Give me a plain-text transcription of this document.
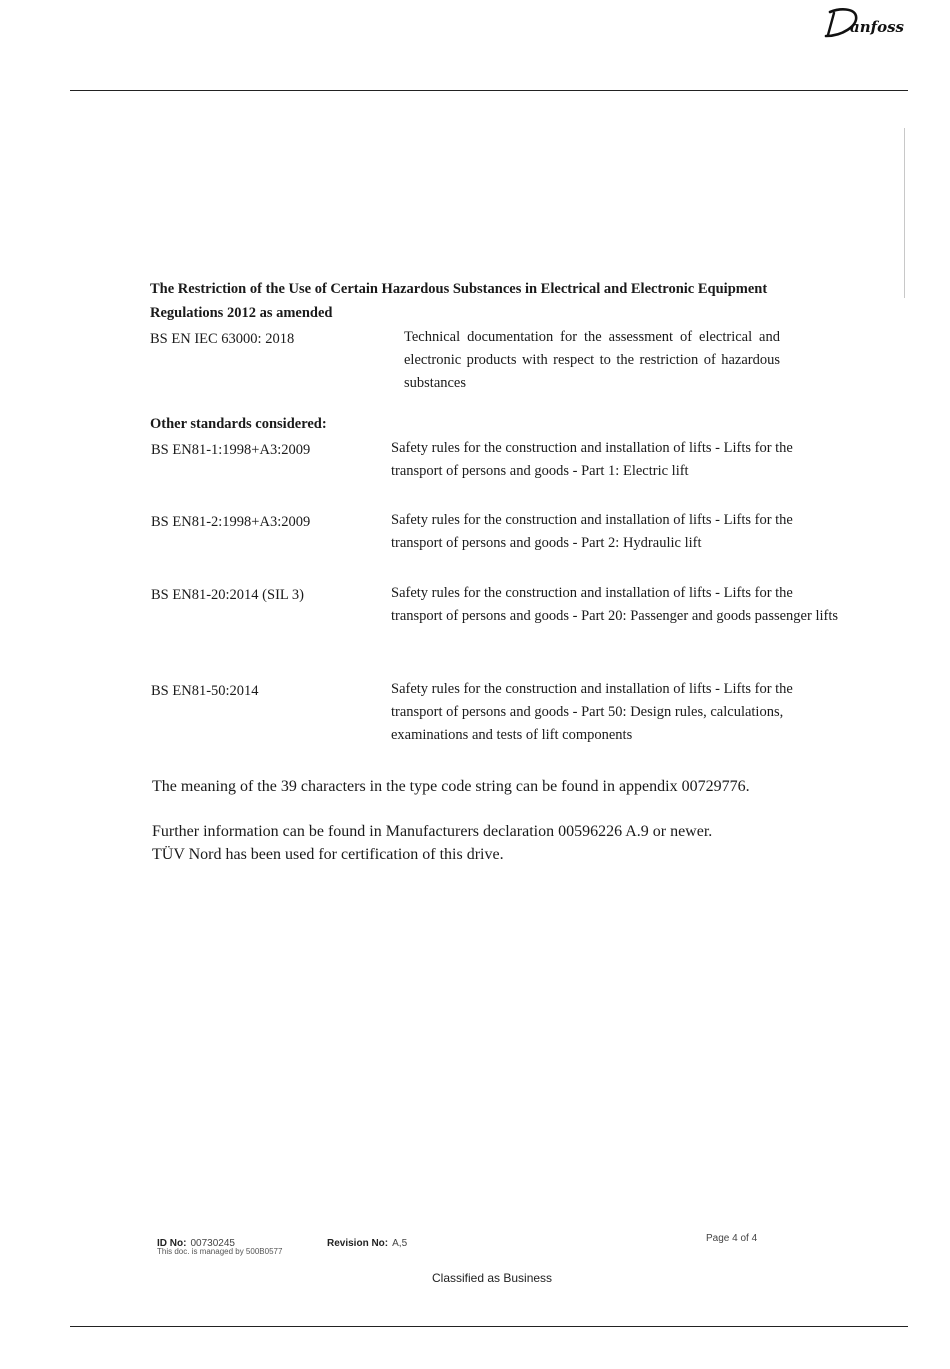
anfoss
The Restriction of the Use of Certain Hazardous Substances in Electrical and Electronic Equipment
Regulations 2012 as amended
BS EN IEC 63000: 2018	Technical documentation for the assessment of electrical and electronic products with respect to the restriction of hazardous substances
Other standards considered:
BS EN81-1:1998+A3:2009	Safety rules for the construction and installation of lifts - Lifts for the transport of persons and goods - Part 1: Electric lift
BS EN81-2:1998+A3:2009	Safety rules for the construction and installation of lifts - Lifts for the transport of persons and goods - Part 2: Hydraulic lift
BS EN81-20:2014 (SIL 3)	Safety rules for the construction and installation of lifts - Lifts for the transport of persons and goods - Part 20: Passenger and goods passenger lifts
BS EN81-50:2014	Safety rules for the construction and installation of lifts - Lifts for the transport of persons and goods - Part 50: Design rules, calculations, examinations and tests of lift components
The meaning of the 39 characters in the type code string can be found in appendix 00729776.
Further information can be found in Manufacturers declaration 00596226 A.9 or newer.
TÜV Nord has been used for certification of this drive.
ID No: 00730245
This doc. is managed by 500B0577
Revision No: A,5	Page 4 of 4
Classified as Business
